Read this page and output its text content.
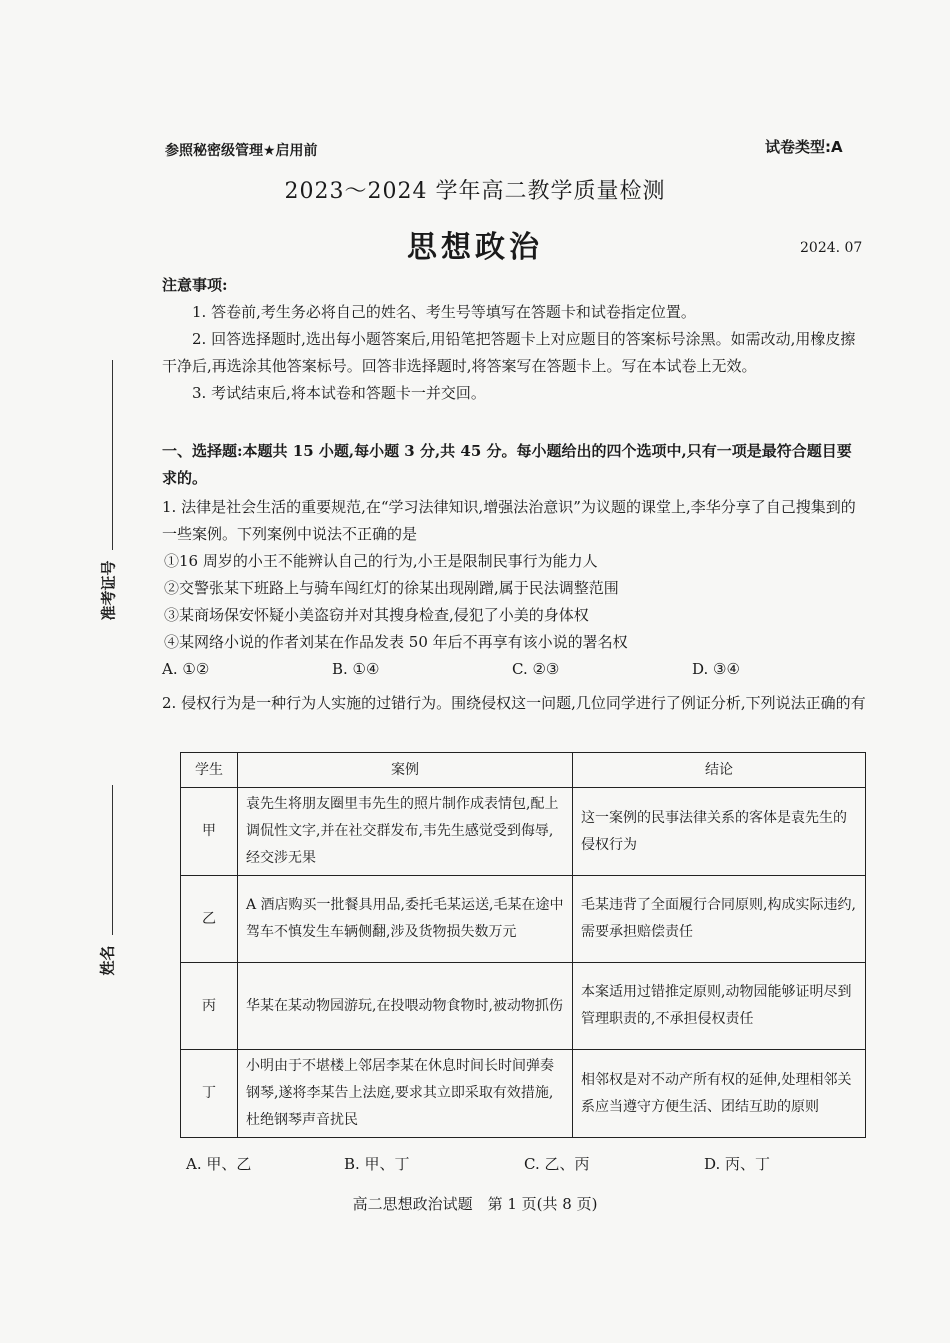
准考证号
姓名
参照秘密级管理★启用前	试卷类型:A
2023～2024 学年高二教学质量检测
思想政治	2024. 07
注意事项:

1. 答卷前,考生务必将自己的姓名、考生号等填写在答题卡和试卷指定位置。

2. 回答选择题时,选出每小题答案后,用铅笔把答题卡上对应题目的答案标号涂黑。如需改动,用橡皮擦干净后,再选涂其他答案标号。回答非选择题时,将答案写在答题卡上。写在本试卷上无效。

3. 考试结束后,将本试卷和答题卡一并交回。

一、选择题:本题共 15 小题,每小题 3 分,共 45 分。每小题给出的四个选项中,只有一项是最符合题目要求的。

1. 法律是社会生活的重要规范,在“学习法律知识,增强法治意识”为议题的课堂上,李华分享了自己搜集到的一些案例。下列案例中说法不正确的是

①16 周岁的小王不能辨认自己的行为,小王是限制民事行为能力人

②交警张某下班路上与骑车闯红灯的徐某出现剐蹭,属于民法调整范围

③某商场保安怀疑小美盗窃并对其搜身检查,侵犯了小美的身体权

④某网络小说的作者刘某在作品发表 50 年后不再享有该小说的署名权

A. ①②	B. ①④	C. ②③	D. ③④

2. 侵权行为是一种行为人实施的过错行为。围绕侵权这一问题,几位同学进行了例证分析,下列说法正确的有

学生	案例	结论
甲	袁先生将朋友圈里韦先生的照片制作成表情包,配上调侃性文字,并在社交群发布,韦先生感觉受到侮辱,经交涉无果	这一案例的民事法律关系的客体是袁先生的侵权行为
乙	A 酒店购买一批餐具用品,委托毛某运送,毛某在途中驾车不慎发生车辆侧翻,涉及货物损失数万元	毛某违背了全面履行合同原则,构成实际违约,需要承担赔偿责任
丙	华某在某动物园游玩,在投喂动物食物时,被动物抓伤	本案适用过错推定原则,动物园能够证明尽到管理职责的,不承担侵权责任
丁	小明由于不堪楼上邻居李某在休息时间长时间弹奏钢琴,遂将李某告上法庭,要求其立即采取有效措施,杜绝钢琴声音扰民	相邻权是对不动产所有权的延伸,处理相邻关系应当遵守方便生活、团结互助的原则
A. 甲、乙	B. 甲、丁	C. 乙、丙	D. 丙、丁
高二思想政治试题　第 1 页(共 8 页)
